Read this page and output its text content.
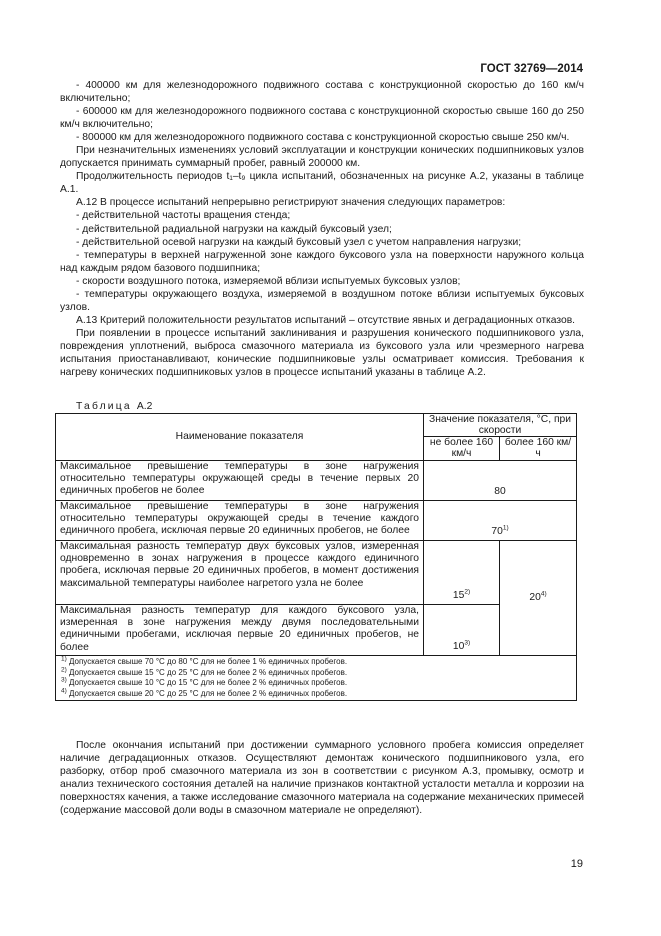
ГОСТ 32769—2014

- 400000 км для железнодорожного подвижного состава с конструкционной скоростью до 160 км/ч включительно;

- 600000 км для железнодорожного подвижного состава с конструкционной скоростью свыше 160 до 250 км/ч включительно;

- 800000 км для железнодорожного подвижного состава с конструкционной скоростью свыше 250 км/ч.

При незначительных изменениях условий эксплуатации и конструкции конических подшипниковых узлов допускается принимать суммарный пробег, равный 200000 км.

Продолжительность периодов t₁–t₉ цикла испытаний, обозначенных на рисунке А.2, указаны в таблице А.1.

А.12 В процессе испытаний непрерывно регистрируют значения следующих параметров:

- действительной частоты вращения стенда;

- действительной радиальной нагрузки на каждый буксовый узел;

- действительной осевой нагрузки на каждый буксовый узел с учетом направления нагрузки;

- температуры в верхней нагруженной зоне каждого буксового узла на поверхности наружного кольца над каждым рядом базового подшипника;

- скорости воздушного потока, измеряемой вблизи испытуемых буксовых узлов;

- температуры окружающего воздуха, измеряемой в воздушном потоке вблизи испытуемых буксовых узлов.

А.13 Критерий положительности результатов испытаний – отсутствие явных и деградационных отказов.

При появлении в процессе испытаний заклинивания и разрушения конического подшипникового узла, повреждения уплотнений, выброса смазочного материала из буксового узла или чрезмерного нагрева испытания приостанавливают, конические подшипниковые узлы осматривает комиссия. Требования к нагреву конических подшипниковых узлов в процессе испытаний указаны в таблице А.2.

Таблица А.2
Наименование показателя	Значение показателя, °С, при скорости	
	не более 160 км/ч	более 160 км/ч
Максимальное превышение температуры в зоне нагружения относительно температуры окружающей среды в течение первых 20 единичных пробегов не более	80	
Максимальное превышение температуры в зоне нагружения относительно температуры окружающей среды в течение каждого единичного пробега, исключая первые 20 единичных пробегов, не более	70$^{1)}$
Максимальная разность температур двух буксовых узлов, измеренная одновременно в зонах нагружения в процессе каждого единичного пробега, исключая первые 20 единичных пробегов, в момент достижения максимальной температуры наиболее нагретого узла не более	15$^{2)}$	20$^{4)}$
Максимальная разность температур для каждого буксового узла, измеренная в зоне нагружения между двумя последовательными единичными пробегами, исключая первые 20 единичных пробегов, не более	10$^{3)}$

$^{1)}$ Допускается свыше 70 °С до 80 °С для не более 1 % единичных пробегов.
$^{2)}$ Допускается свыше 15 °С до 25 °С для не более 2 % единичных пробегов.
$^{3)}$ Допускается свыше 10 °С до 15 °С для не более 2 % единичных пробегов.
$^{4)}$ Допускается свыше 20 °С до 25 °С для не более 2 % единичных пробегов.		

После окончания испытаний при достижении суммарного условного пробега комиссия определяет наличие деградационных отказов. Осуществляют демонтаж конического подшипникового узла, его разборку, отбор проб смазочного материала из зон в соответствии с рисунком А.3, промывку, осмотр и анализ технического состояния деталей на наличие признаков контактной усталости металла и коррозии на поверхностях качения, а также исследование смазочного материала на содержание механических примесей (содержание массовой доли воды в смазочном материале не определяют).

19
